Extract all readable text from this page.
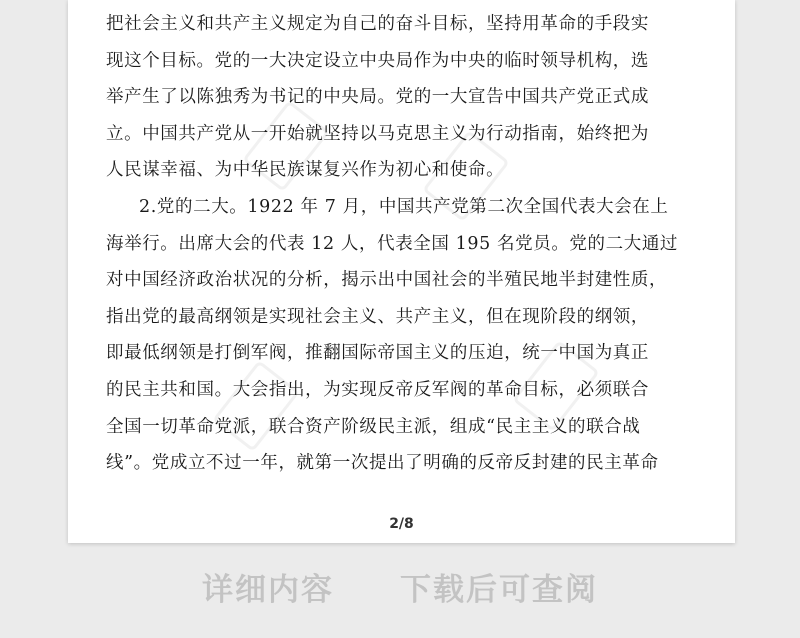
把社会主义和共产主义规定为自己的奋斗目标，坚持用革命的手段实
现这个目标。党的一大决定设立中央局作为中央的临时领导机构，选
举产生了以陈独秀为书记的中央局。党的一大宣告中国共产党正式成
立。中国共产党从一开始就坚持以马克思主义为行动指南，始终把为
人民谋幸福、为中华民族谋复兴作为初心和使命。
2.党的二大。1922 年 7 月，中国共产党第二次全国代表大会在上
海举行。出席大会的代表 12 人，代表全国 195 名党员。党的二大通过
对中国经济政治状况的分析，揭示出中国社会的半殖民地半封建性质，
指出党的最高纲领是实现社会主义、共产主义，但在现阶段的纲领，
即最低纲领是打倒军阀，推翻国际帝国主义的压迫，统一中国为真正
的民主共和国。大会指出，为实现反帝反军阀的革命目标，必须联合
全国一切革命党派，联合资产阶级民主派，组成“民主主义的联合战
线”。党成立不过一年，就第一次提出了明确的反帝反封建的民主革命
2/8
详细内容 下载后可查阅
